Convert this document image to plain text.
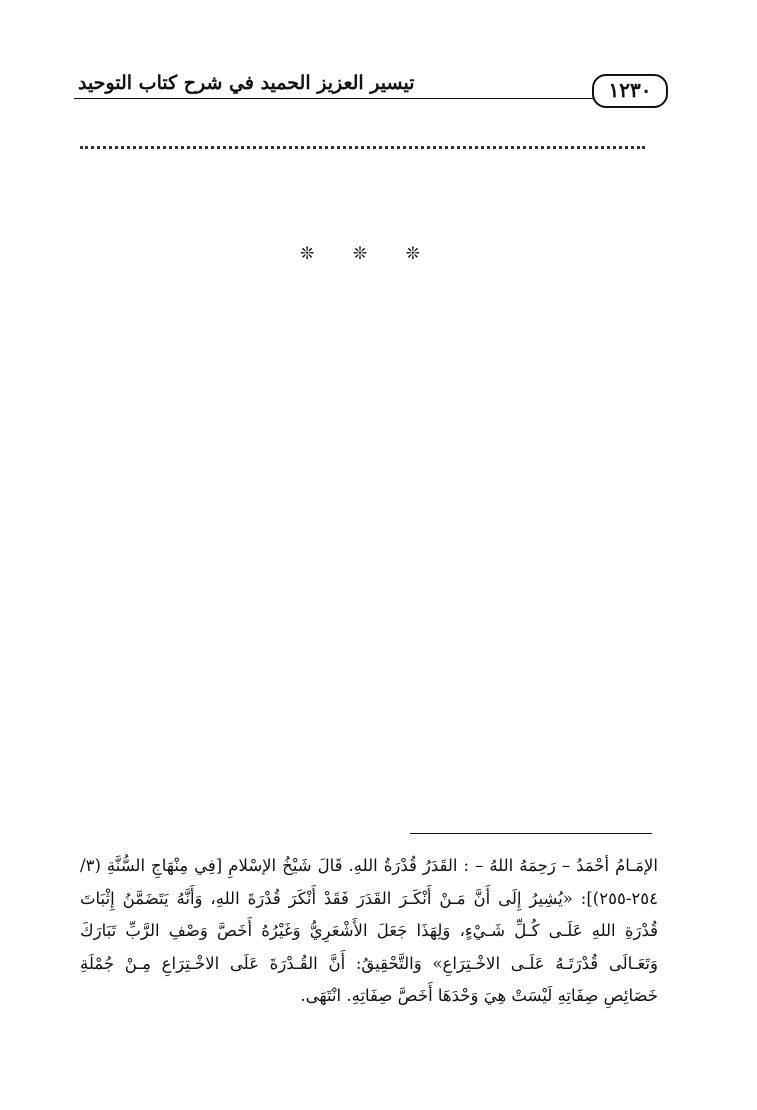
تيسير العزيز الحميد في شرح كتاب التوحيد	١٢٣٠
❊ ❊ ❊

الإمَـامُ أحْمَدُ – رَحِمَهُ اللهُ – : القَدَرُ قُدْرَةُ اللهِ. قَالَ شَيْخُ الإسْلامِ [فِي مِنْهَاجِ السُّنَّةِ (٣/ ٢٥٤-٢٥٥)]: «يُشِيرُ إِلَى أَنَّ مَـنْ أَنْكَـرَ القَدَرَ فَقَدْ أَنْكَرَ قُدْرَةَ اللهِ، وَأَنَّهُ يَتَضَمَّنُ إِثْبَاتَ قُدْرَةِ اللهِ عَلَـى كُـلِّ شَـيْءٍ، وَلِهَذَا جَعَلَ الأَشْعَرِيُّ وَغَيْرُهُ أَخَصَّ وَصْفِ الرَّبِّ تَبَارَكَ وَتَعَـالَى قُدْرَتَـهُ عَلَـى الاخْـتِرَاعِ» وَالتَّحْقِيقُ: أَنَّ القُـدْرَةَ عَلَى الاخْـتِرَاعِ مِـنْ جُمْلَةِ خَصَائِصِ صِفَاتِهِ لَيْسَتْ هِيَ وَحْدَهَا أَخَصَّ صِفَاتِهِ. انْتَهَى.
